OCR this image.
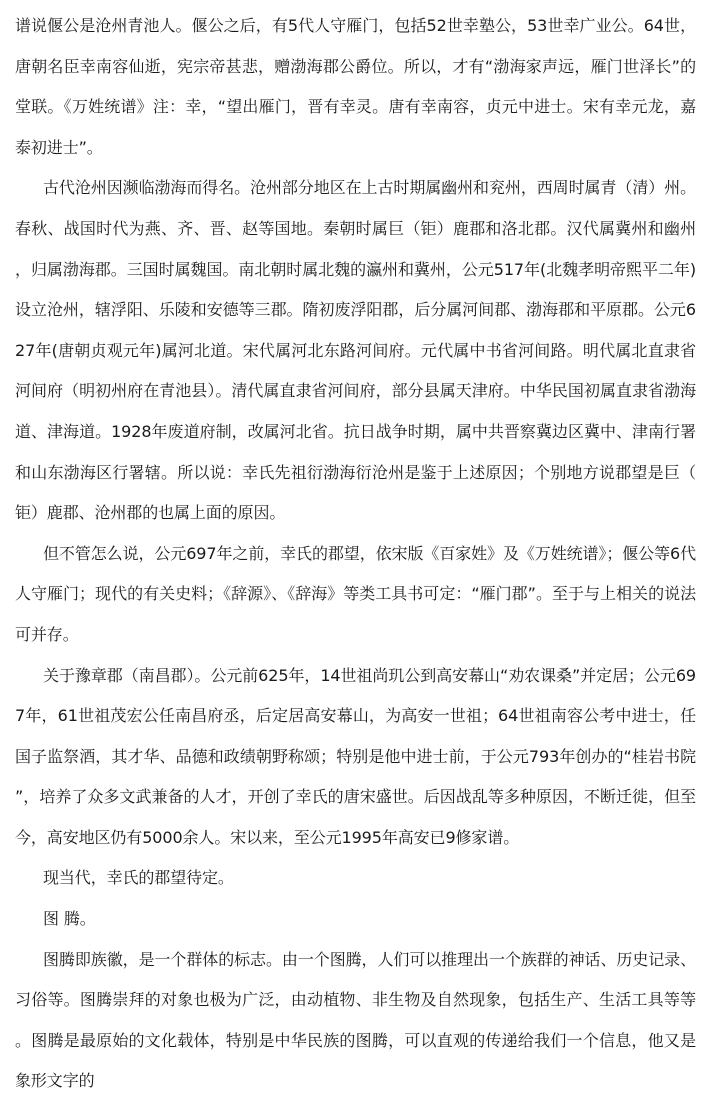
谱说偃公是沧州青池人。偃公之后，有5代人守雁门，包括52世幸塾公，53世幸广业公。64世，唐朝名臣幸南容仙逝，宪宗帝甚悲，赠渤海郡公爵位。所以，才有“渤海家声远，雁门世泽长”的堂联。《万姓统谱》注：幸，“望出雁门，晋有幸灵。唐有幸南容，贞元中进士。宋有幸元龙，嘉泰初进士”。

古代沧州因濒临渤海而得名。沧州部分地区在上古时期属幽州和兖州，西周时属青（清）州。春秋、战国时代为燕、齐、晋、赵等国地。秦朝时属巨（钜）鹿郡和洛北郡。汉代属冀州和幽州，归属渤海郡。三国时属魏国。南北朝时属北魏的瀛州和冀州，公元517年(北魏孝明帝熙平二年)设立沧州，辖浮阳、乐陵和安德等三郡。隋初废浮阳郡，后分属河间郡、渤海郡和平原郡。公元627年(唐朝贞观元年)属河北道。宋代属河北东路河间府。元代属中书省河间路。明代属北直隶省河间府（明初州府在青池县）。清代属直隶省河间府，部分县属天津府。中华民国初属直隶省渤海道、津海道。1928年废道府制，改属河北省。抗日战争时期，属中共晋察冀边区冀中、津南行署和山东渤海区行署辖。所以说：幸氏先祖衍渤海衍沧州是鉴于上述原因；个别地方说郡望是巨（钜）鹿郡、沧州郡的也属上面的原因。

但不管怎么说，公元697年之前，幸氏的郡望，依宋版《百家姓》及《万姓统谱》；偃公等6代人守雁门；现代的有关史料；《辞源》、《辞海》等类工具书可定：“雁门郡”。至于与上相关的说法可并存。

关于豫章郡（南昌郡）。公元前625年，14世祖尚玑公到高安幕山“劝农课桑”并定居；公元697年，61世祖茂宏公任南昌府丞，后定居高安幕山，为高安一世祖；64世祖南容公考中进士，任国子监祭酒，其才华、品德和政绩朝野称颂；特别是他中进士前，于公元793年创办的“桂岩书院”，培养了众多文武兼备的人才，开创了幸氏的唐宋盛世。后因战乱等多种原因，不断迁徙，但至今，高安地区仍有5000余人。宋以来，至公元1995年高安已9修家谱。

现当代，幸氏的郡望待定。

图 腾。

图腾即族徽，是一个群体的标志。由一个图腾，人们可以推理出一个族群的神话、历史记录、习俗等。图腾崇拜的对象也极为广泛，由动植物、非生物及自然现象，包括生产、生活工具等等。图腾是最原始的文化载体，特别是中华民族的图腾，可以直观的传递给我们一个信息，他又是象形文字的
